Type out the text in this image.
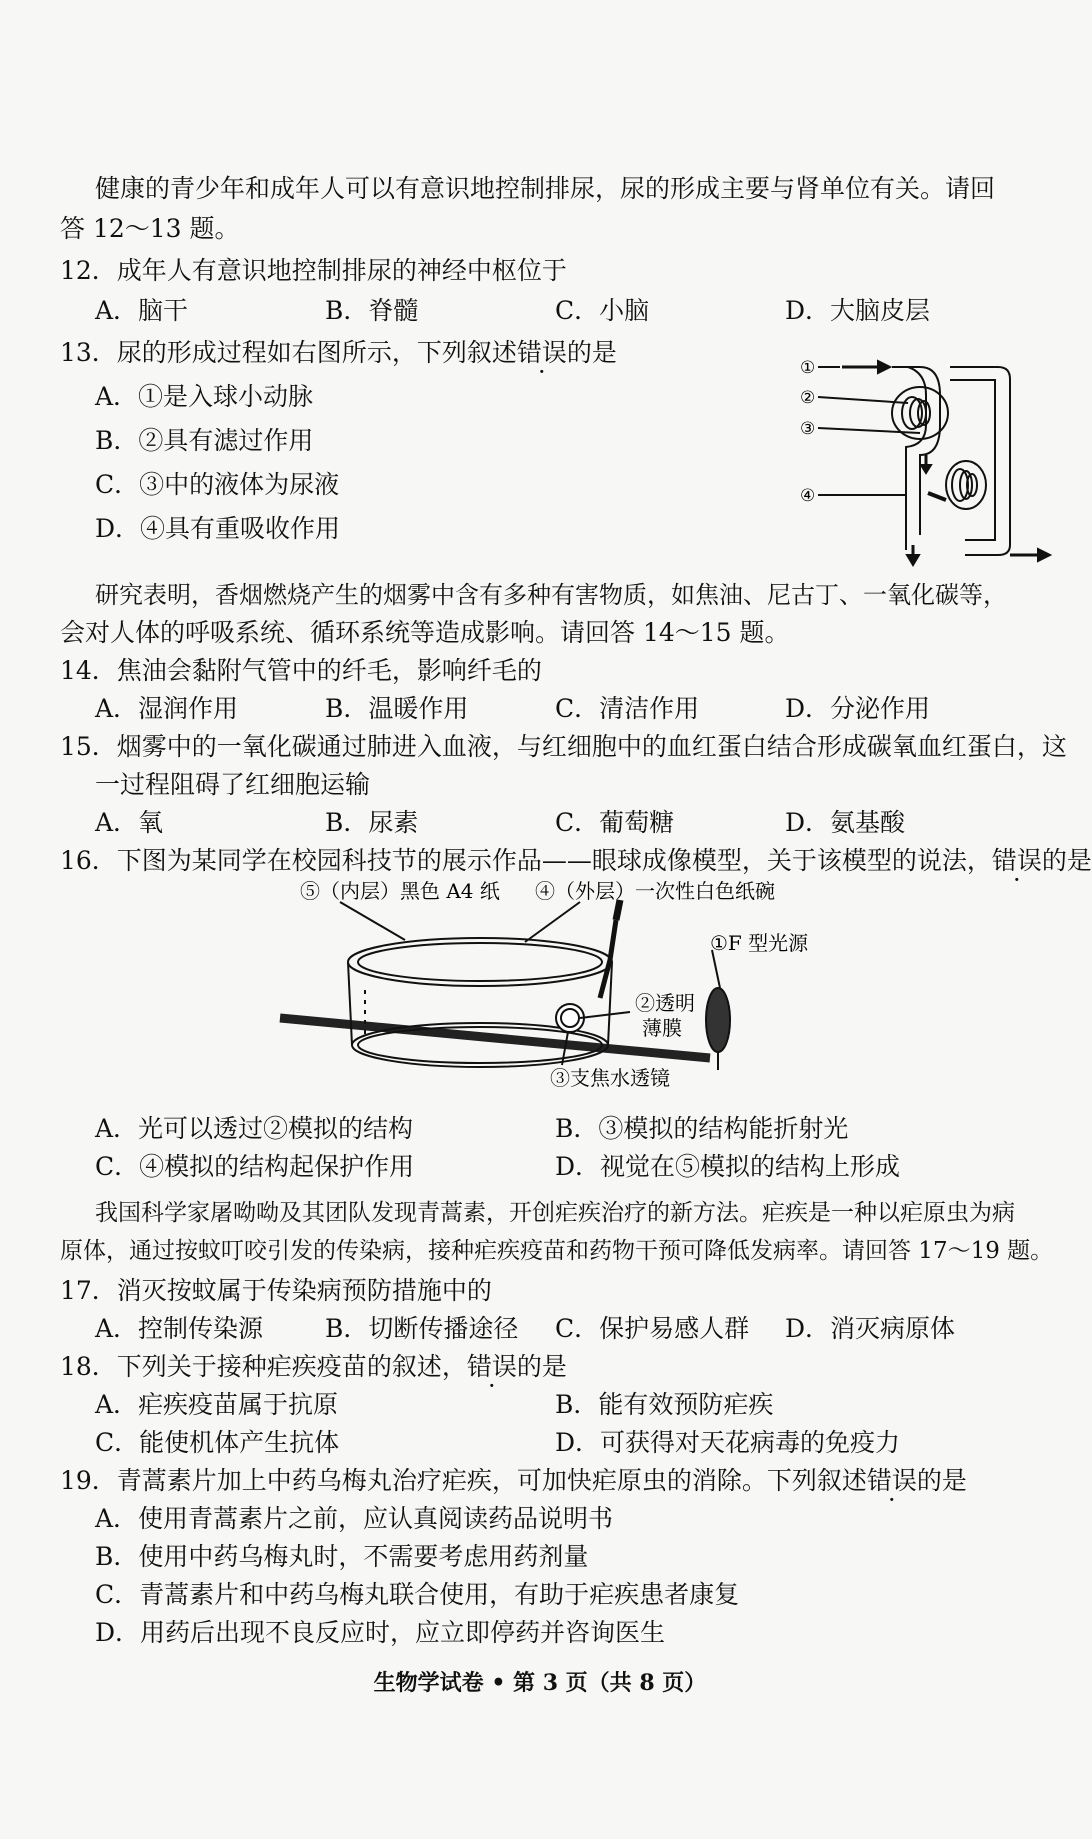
健康的青少年和成年人可以有意识地控制排尿，尿的形成主要与肾单位有关。请回
答 12～13 题。
12．成年人有意识地控制排尿的神经中枢位于
A．脑干	B．脊髓	C．小脑	D．大脑皮层
13．尿的形成过程如右图所示，下列叙述错误的是
A．①是入球小动脉
B．②具有滤过作用
C．③中的液体为尿液
D．④具有重吸收作用
①
②
③
④
研究表明，香烟燃烧产生的烟雾中含有多种有害物质，如焦油、尼古丁、一氧化碳等，
会对人体的呼吸系统、循环系统等造成影响。请回答 14～15 题。
14．焦油会黏附气管中的纤毛，影响纤毛的
A．湿润作用	B．温暖作用	C．清洁作用	D．分泌作用
15．烟雾中的一氧化碳通过肺进入血液，与红细胞中的血红蛋白结合形成碳氧血红蛋白，这
一过程阻碍了红细胞运输
A．氧	B．尿素	C．葡萄糖	D．氨基酸
16．下图为某同学在校园科技节的展示作品——眼球成像模型，关于该模型的说法，错误的是
⑤（内层）黑色 A4 纸 ④（外层）一次性白色纸碗
①F 型光源
②透明
薄膜
③支焦水透镜
A．光可以透过②模拟的结构	B．③模拟的结构能折射光
C．④模拟的结构起保护作用	D．视觉在⑤模拟的结构上形成
我国科学家屠呦呦及其团队发现青蒿素，开创疟疾治疗的新方法。疟疾是一种以疟原虫为病
原体，通过按蚊叮咬引发的传染病，接种疟疾疫苗和药物干预可降低发病率。请回答 17～19 题。
17．消灭按蚊属于传染病预防措施中的
A．控制传染源	B．切断传播途径	C．保护易感人群	D．消灭病原体
18．下列关于接种疟疾疫苗的叙述，错误的是
A．疟疾疫苗属于抗原	B．能有效预防疟疾
C．能使机体产生抗体	D．可获得对天花病毒的免疫力
19．青蒿素片加上中药乌梅丸治疗疟疾，可加快疟原虫的消除。下列叙述错误的是
A．使用青蒿素片之前，应认真阅读药品说明书
B．使用中药乌梅丸时，不需要考虑用药剂量
C．青蒿素片和中药乌梅丸联合使用，有助于疟疾患者康复
D．用药后出现不良反应时，应立即停药并咨询医生
生物学试卷 • 第 3 页（共 8 页）
